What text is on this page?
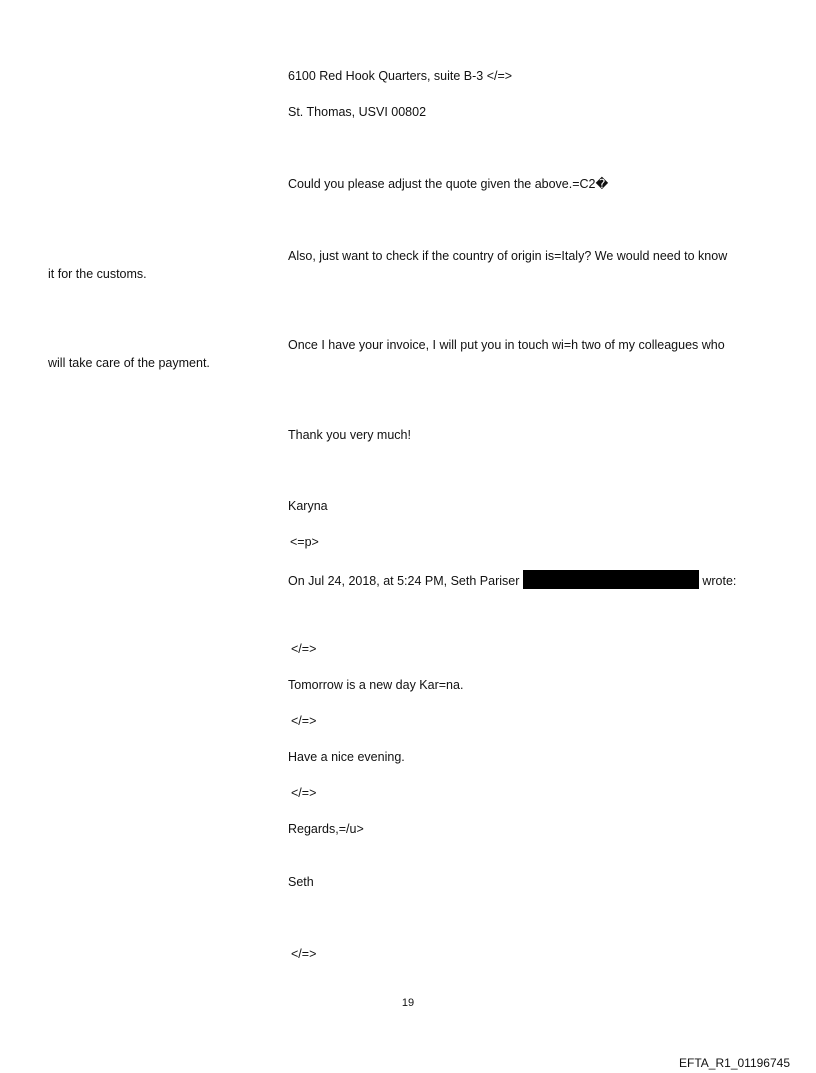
6100 Red Hook Quarters, suite B-3 </=>
St. Thomas, USVI 00802
Could you please adjust the quote given the above.=C2�
Also, just want to check if the country of origin is=Italy? We would need to know
it for the customs.
Once I have your invoice, I will put you in touch wi=h two of my colleagues who
will take care of the payment.
Thank you very much!
Karyna
<=p>
On Jul 24, 2018, at 5:24 PM, Seth Pariser	wrote:
</=>
Tomorrow is a new day Kar=na.
</=>
Have a nice evening.
</=>
Regards,=/u>
Seth
</=>
19
EFTA_R1_01196745
